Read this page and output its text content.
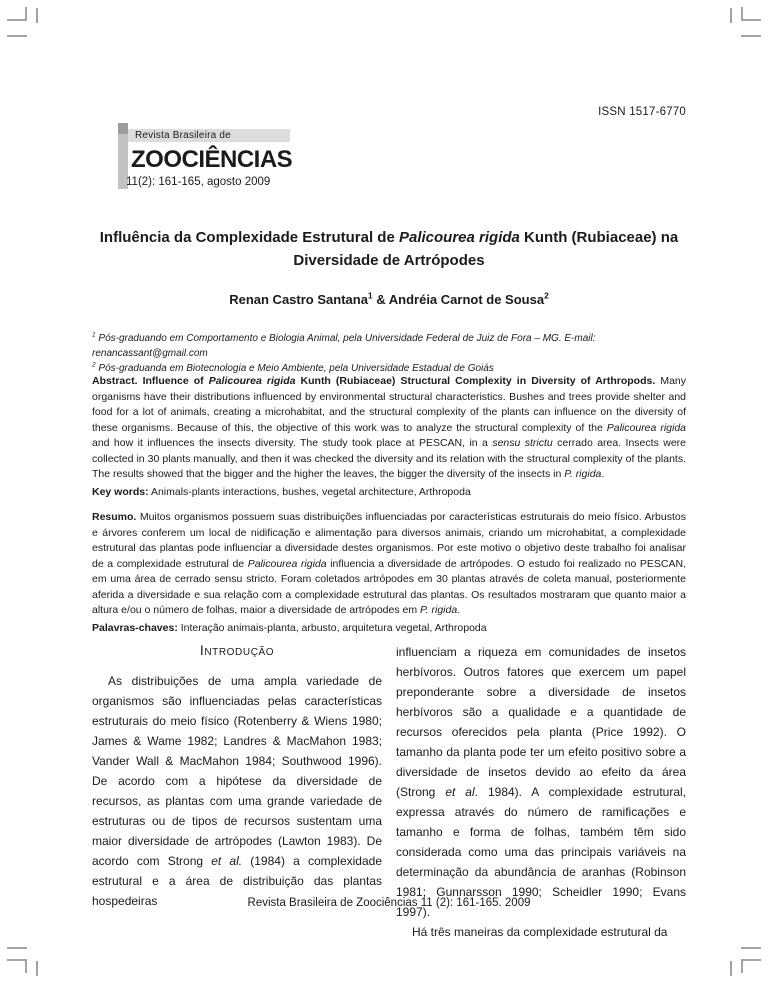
ISSN 1517-6770
Revista Brasileira de
ZOOCIÊNCIAS
11(2): 161-165, agosto 2009
Influência da Complexidade Estrutural de Palicourea rigida Kunth (Rubiaceae) na Diversidade de Artrópodes
Renan Castro Santana$^1$ & Andréia Carnot de Sousa$^2$
$^1$ Pós-graduando em Comportamento e Biologia Animal, pela Universidade Federal de Juiz de Fora – MG. E-mail: renancassant@gmail.com
$^2$ Pós-graduanda em Biotecnologia e Meio Ambiente, pela Universidade Estadual de Goiás

Abstract. Influence of Palicourea rigida Kunth (Rubiaceae) Structural Complexity in Diversity of Arthropods. Many organisms have their distributions influenced by environmental structural characteristics. Bushes and trees provide shelter and food for a lot of animals, creating a microhabitat, and the structural complexity of the plants can influence on the diversity of these organisms. Because of this, the objective of this work was to analyze the structural complexity of the Palicourea rigida and how it influences the insects diversity. The study took place at PESCAN, in a sensu strictu cerrado area. Insects were collected in 30 plants manually, and then it was checked the diversity and its relation with the structural complexity of the plants. The results showed that the bigger and the higher the leaves, the bigger the diversity of the insects in P. rigida.

Key words: Animals-plants interactions, bushes, vegetal architecture, Arthropoda

Resumo. Muitos organismos possuem suas distribuições influenciadas por características estruturais do meio físico. Arbustos e árvores conferem um local de nidificação e alimentação para diversos animais, criando um microhabitat, a complexidade estrutural das plantas pode influenciar a diversidade destes organismos. Por este motivo o objetivo deste trabalho foi analisar de a complexidade estrutural de Palicourea rigida influencia a diversidade de artrópodes. O estudo foi realizado no PESCAN, em uma área de cerrado sensu stricto. Foram coletados artrópodes em 30 plantas através de coleta manual, posteriormente aferida a diversidade e sua relação com a complexidade estrutural das plantas. Os resultados mostraram que quanto maior a altura e/ou o número de folhas, maior a diversidade de artrópodes em P. rigida.

Palavras-chaves: Interação animais-planta, arbusto, arquitetura vegetal, Arthropoda

Introdução

As distribuições de uma ampla variedade de organismos são influenciadas pelas características estruturais do meio físico (Rotenberry & Wiens 1980; James & Wame 1982; Landres & MacMahon 1983; Vander Wall & MacMahon 1984; Southwood 1996). De acordo com a hipótese da diversidade de recursos, as plantas com uma grande variedade de estruturas ou de tipos de recursos sustentam uma maior diversidade de artrópodes (Lawton 1983). De acordo com Strong et al. (1984) a complexidade estrutural e a área de distribuição das plantas hospedeiras

influenciam a riqueza em comunidades de insetos herbívoros. Outros fatores que exercem um papel preponderante sobre a diversidade de insetos herbívoros são a qualidade e a quantidade de recursos oferecidos pela planta (Price 1992). O tamanho da planta pode ter um efeito positivo sobre a diversidade de insetos devido ao efeito da área (Strong et al. 1984). A complexidade estrutural, expressa através do número de ramificações e tamanho e forma de folhas, também têm sido considerada como uma das principais variáveis na determinação da abundância de aranhas (Robinson 1981; Gunnarsson 1990; Scheidler 1990; Evans 1997).

Há três maneiras da complexidade estrutural da

Revista Brasileira de Zoociências 11 (2): 161-165. 2009
